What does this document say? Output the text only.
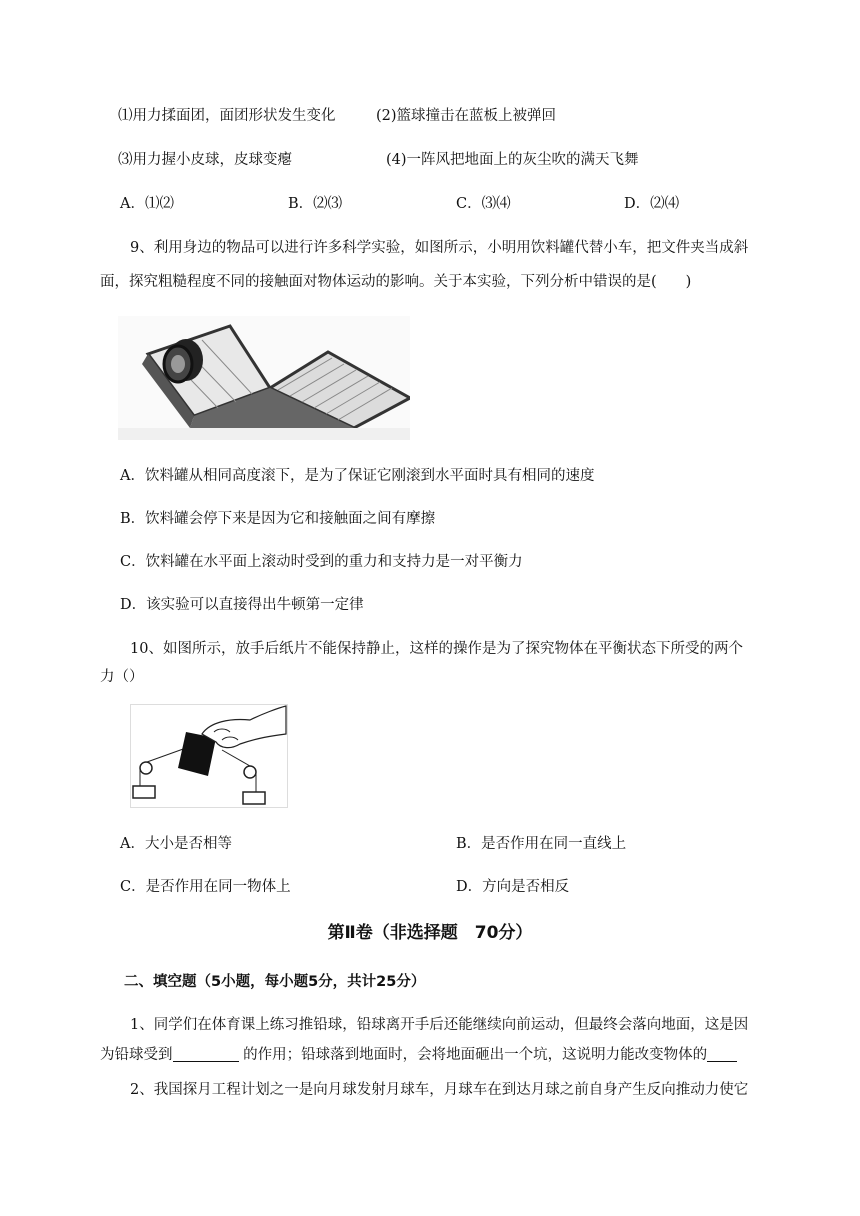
⑴用力揉面团，面团形状发生变化	(2)篮球撞击在蓝板上被弹回
⑶用力握小皮球，皮球变瘪	(4)一阵风把地面上的灰尘吹的满天飞舞
A．⑴⑵	B．⑵⑶	C．⑶⑷	D．⑵⑷
9、利用身边的物品可以进行许多科学实验，如图所示，小明用饮料罐代替小车，把文件夹当成斜
面，探究粗糙程度不同的接触面对物体运动的影响。关于本实验，下列分析中错误的是(　　)
A．饮料罐从相同高度滚下，是为了保证它刚滚到水平面时具有相同的速度
B．饮料罐会停下来是因为它和接触面之间有摩擦
C．饮料罐在水平面上滚动时受到的重力和支持力是一对平衡力
D．该实验可以直接得出牛顿第一定律
10、如图所示，放手后纸片不能保持静止，这样的操作是为了探究物体在平衡状态下所受的两个
力（）
A．大小是否相等	B．是否作用在同一直线上
C．是否作用在同一物体上	D．方向是否相反
第Ⅱ卷（非选择题　70分）
二、填空题（5小题，每小题5分，共计25分）
1、同学们在体育课上练习推铅球，铅球离开手后还能继续向前运动，但最终会落向地面，这是因
为铅球受到	的作用；铅球落到地面时，会将地面砸出一个坑，这说明力能改变物体的
2、我国探月工程计划之一是向月球发射月球车，月球车在到达月球之前自身产生反向推动力使它
